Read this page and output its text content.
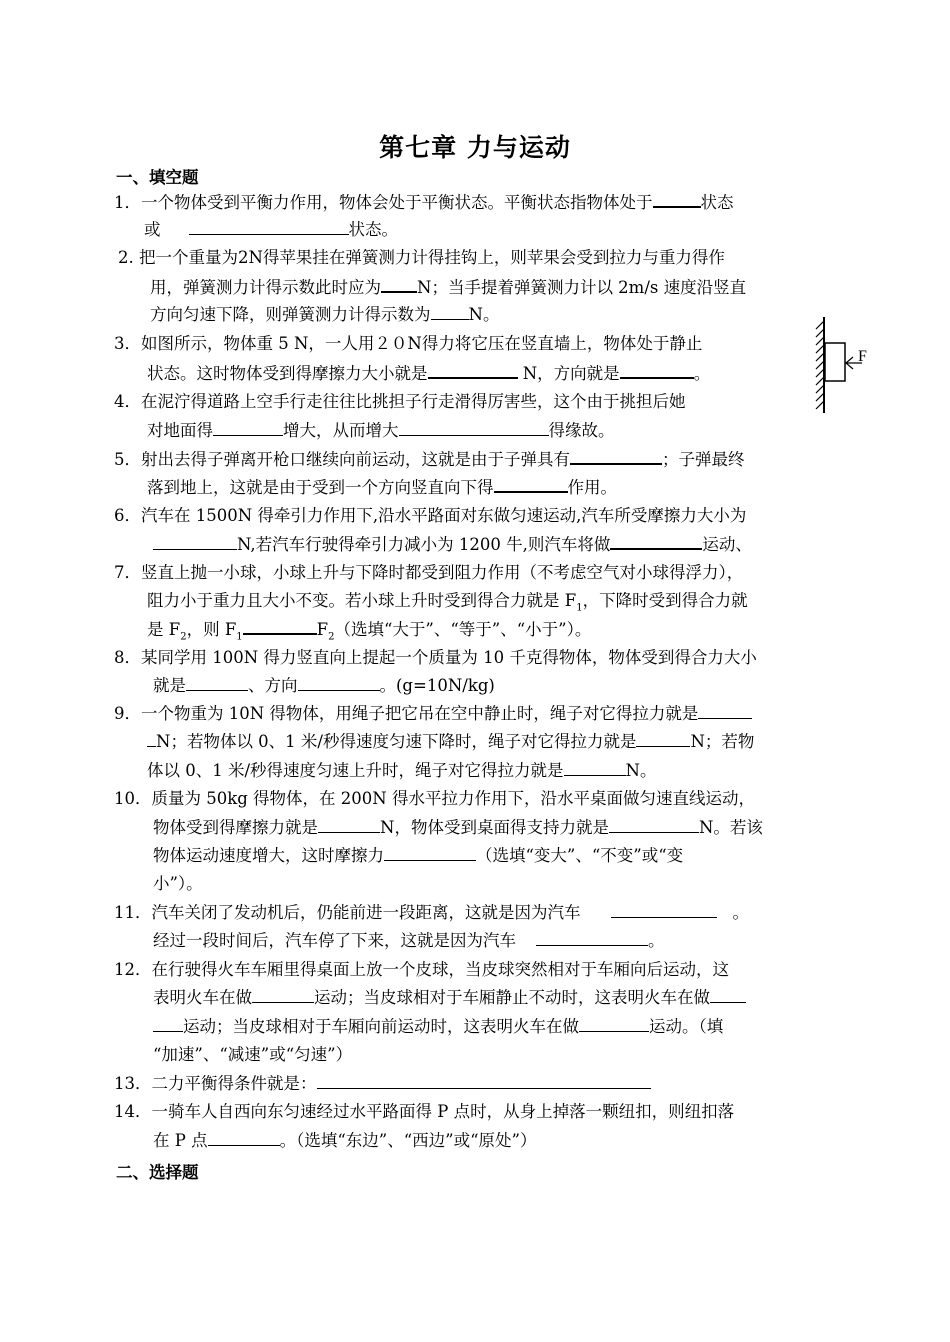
第七章 力与运动
一、填空题
1．一个物体受到平衡力作用，物体会处于平衡状态。平衡状态指物体处于	状态
或	状态。
2. 把一个重量为2N得苹果挂在弹簧测力计得挂钩上，则苹果会受到拉力与重力得作
用，弹簧测力计得示数此时应为 N；当手提着弹簧测力计以 2m/s 速度沿竖直
方向匀速下降，则弹簧测力计得示数为 N。
3．如图所示，物体重 5 N，一人用２０N得力将它压在竖直墙上，物体处于静止
状态。这时物体受到得摩擦力大小就是	N，方向就是	。
F
4．在泥泞得道路上空手行走往往比挑担子行走滑得厉害些，这个由于挑担后她
对地面得	增大，从而增大	得缘故。
5．射出去得子弹离开枪口继续向前运动，这就是由于子弹具有	；子弹最终
落到地上，这就是由于受到一个方向竖直向下得	作用。
6．汽车在 1500N 得牵引力作用下,沿水平路面对东做匀速运动,汽车所受摩擦力大小为
N,若汽车行驶得牵引力减小为 1200 牛,则汽车将做	运动、
7．竖直上抛一小球，小球上升与下降时都受到阻力作用（不考虑空气对小球得浮力），
阻力小于重力且大小不变。若小球上升时受到得合力就是 $F_1$，下降时受到得合力就
是 $F_2$，则 $F_1$	$F_2$（选填“大于”、“等于”、“小于”）。
8．某同学用 100N 得力竖直向上提起一个质量为 10 千克得物体，物体受到得合力大小
就是	、方向	。(g=10N/kg)
9．一个物重为 10N 得物体，用绳子把它吊在空中静止时，绳子对它得拉力就是
N；若物体以 0、1 米/秒得速度匀速下降时，绳子对它得拉力就是	N；若物
体以 0、1 米/秒得速度匀速上升时，绳子对它得拉力就是	N。
10．质量为 50kg 得物体，在 200N 得水平拉力作用下，沿水平桌面做匀速直线运动，
物体受到得摩擦力就是	N，物体受到桌面得支持力就是	N。若该
物体运动速度增大，这时摩擦力	（选填“变大”、“不变”或“变
小”）。
11．汽车关闭了发动机后，仍能前进一段距离，这就是因为汽车	。
经过一段时间后，汽车停了下来，这就是因为汽车	。
12．在行驶得火车车厢里得桌面上放一个皮球，当皮球突然相对于车厢向后运动，这
表明火车在做	运动；当皮球相对于车厢静止不动时，这表明火车在做
运动；当皮球相对于车厢向前运动时，这表明火车在做	运动。（填
“加速”、“减速”或“匀速”）
13．二力平衡得条件就是：
14．一骑车人自西向东匀速经过水平路面得 P 点时，从身上掉落一颗纽扣，则纽扣落
在 P 点	。（选填“东边”、“西边”或“原处”）
二、选择题
